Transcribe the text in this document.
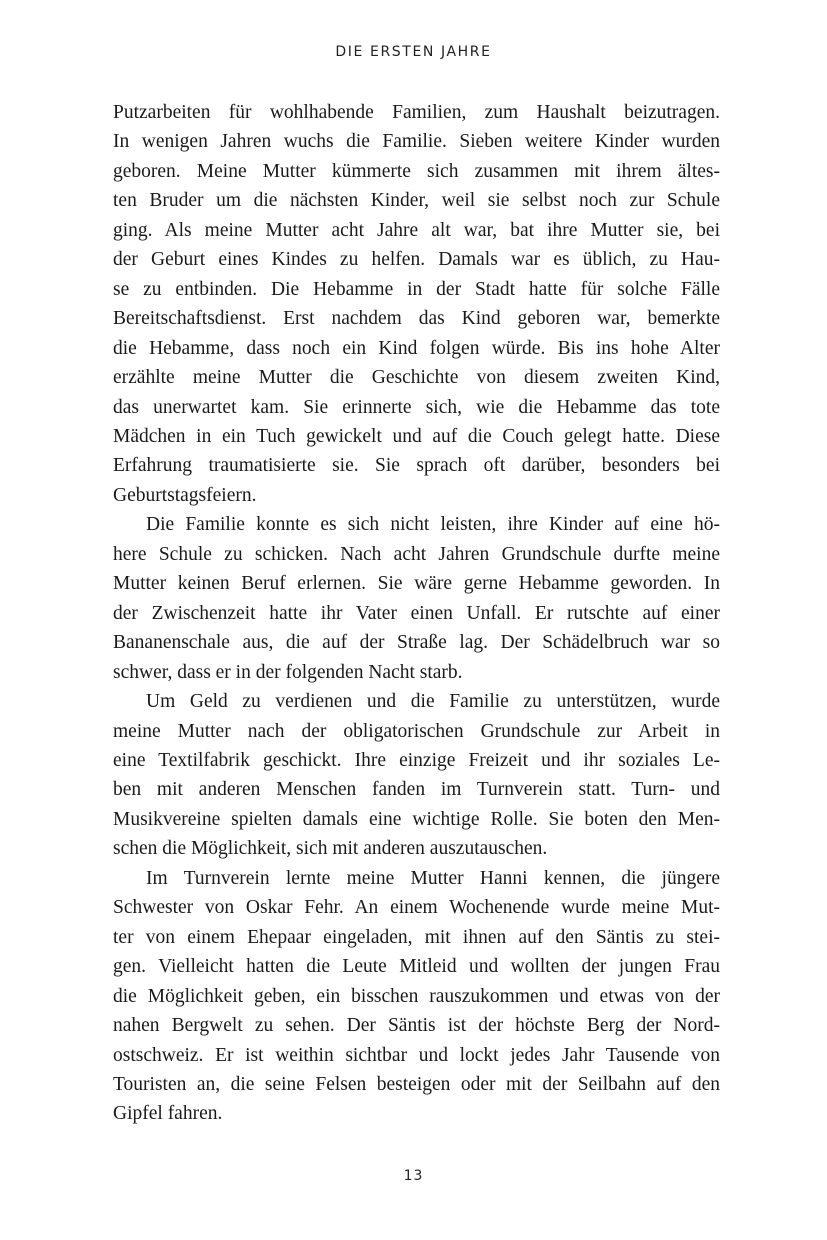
DIE ERSTEN JAHRE

Putzarbeiten für wohlhabende Familien, zum Haushalt beizutragen.
In wenigen Jahren wuchs die Familie. Sieben weitere Kinder wurden
geboren. Meine Mutter kümmerte sich zusammen mit ihrem ältes-
ten Bruder um die nächsten Kinder, weil sie selbst noch zur Schule
ging. Als meine Mutter acht Jahre alt war, bat ihre Mutter sie, bei
der Geburt eines Kindes zu helfen. Damals war es üblich, zu Hau-
se zu entbinden. Die Hebamme in der Stadt hatte für solche Fälle
Bereitschaftsdienst. Erst nachdem das Kind geboren war, bemerkte
die Hebamme, dass noch ein Kind folgen würde. Bis ins hohe Alter
erzählte meine Mutter die Geschichte von diesem zweiten Kind,
das unerwartet kam. Sie erinnerte sich, wie die Hebamme das tote
Mädchen in ein Tuch gewickelt und auf die Couch gelegt hatte. Diese
Erfahrung traumatisierte sie. Sie sprach oft darüber, besonders bei
Geburtstagsfeiern.

Die Familie konnte es sich nicht leisten, ihre Kinder auf eine hö-
here Schule zu schicken. Nach acht Jahren Grundschule durfte meine
Mutter keinen Beruf erlernen. Sie wäre gerne Hebamme geworden. In
der Zwischenzeit hatte ihr Vater einen Unfall. Er rutschte auf einer
Bananenschale aus, die auf der Straße lag. Der Schädelbruch war so
schwer, dass er in der folgenden Nacht starb.

Um Geld zu verdienen und die Familie zu unterstützen, wurde
meine Mutter nach der obligatorischen Grundschule zur Arbeit in
eine Textilfabrik geschickt. Ihre einzige Freizeit und ihr soziales Le-
ben mit anderen Menschen fanden im Turnverein statt. Turn- und
Musikvereine spielten damals eine wichtige Rolle. Sie boten den Men-
schen die Möglichkeit, sich mit anderen auszutauschen.

Im Turnverein lernte meine Mutter Hanni kennen, die jüngere
Schwester von Oskar Fehr. An einem Wochenende wurde meine Mut-
ter von einem Ehepaar eingeladen, mit ihnen auf den Säntis zu stei-
gen. Vielleicht hatten die Leute Mitleid und wollten der jungen Frau
die Möglichkeit geben, ein bisschen rauszukommen und etwas von der
nahen Bergwelt zu sehen. Der Säntis ist der höchste Berg der Nord-
ostschweiz. Er ist weithin sichtbar und lockt jedes Jahr Tausende von
Touristen an, die seine Felsen besteigen oder mit der Seilbahn auf den
Gipfel fahren.

13
